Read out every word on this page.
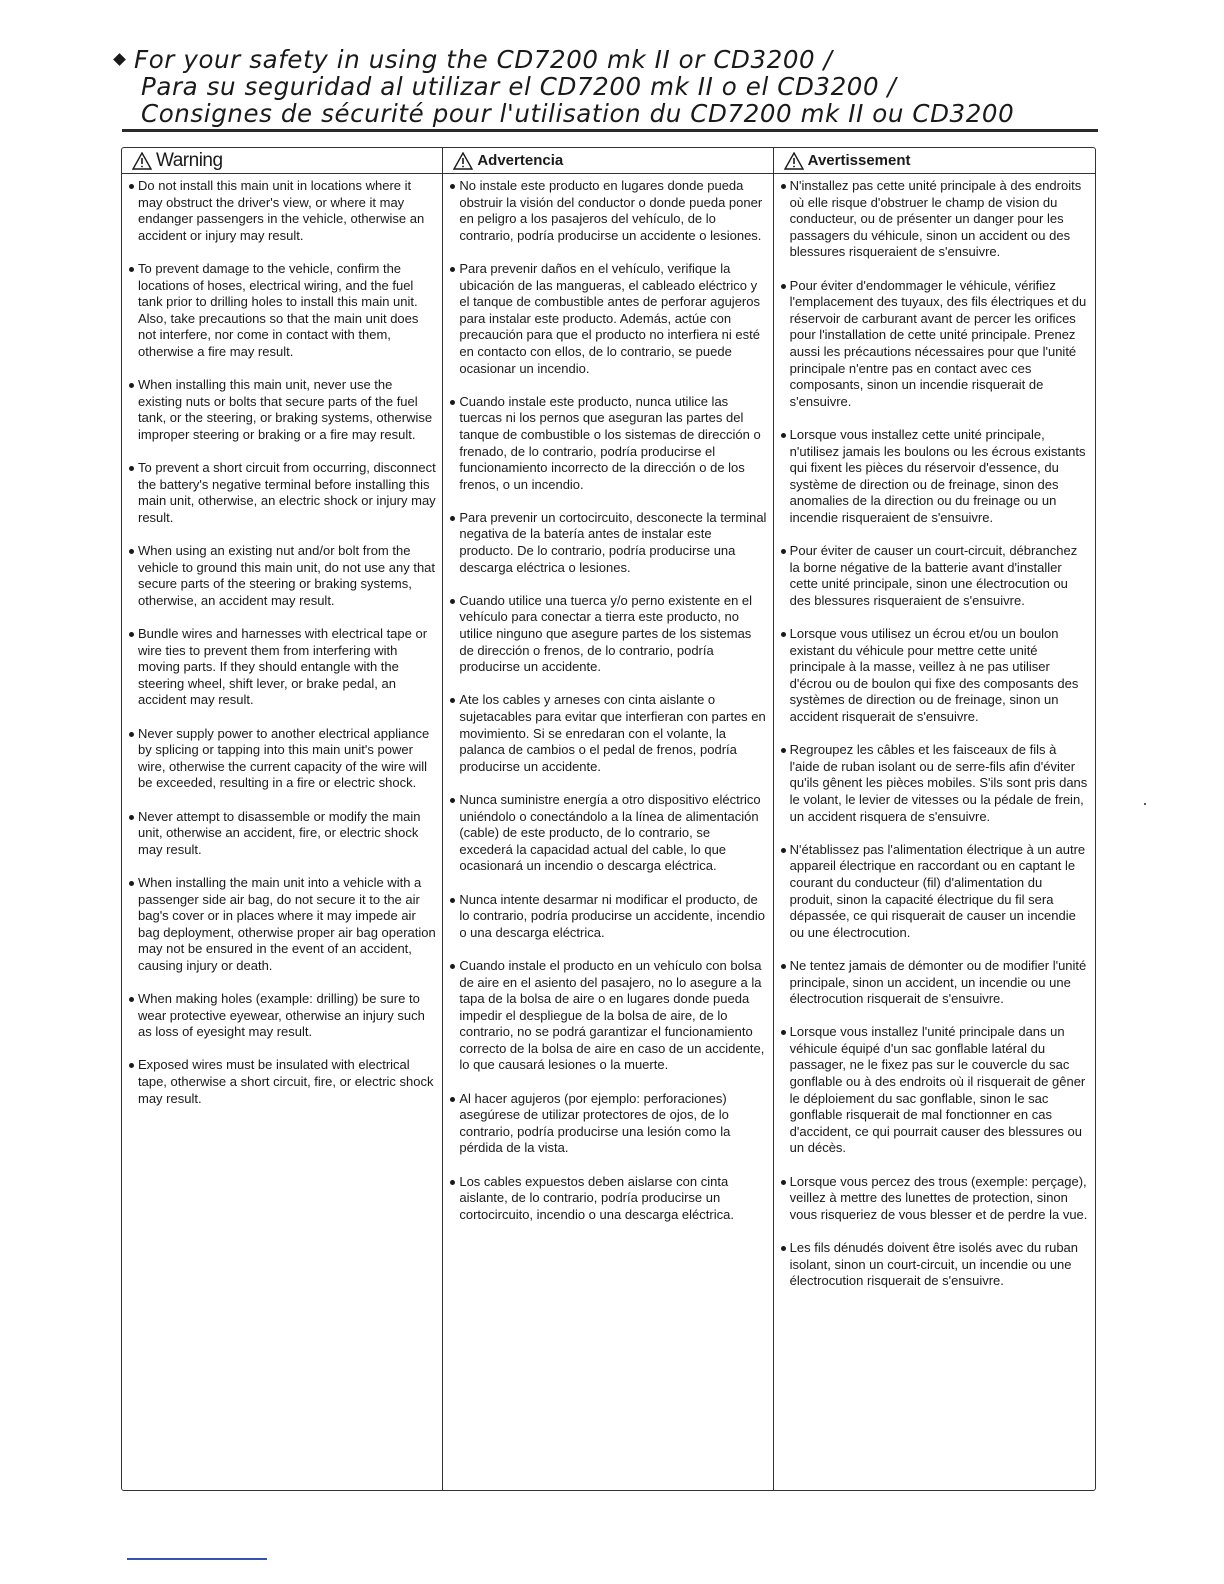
For your safety in using the CD7200 mk II or CD3200 /
Para su seguridad al utilizar el CD7200 mk II o el CD3200 /
Consignes de sécurité pour l'utilisation du CD7200 mk II ou CD3200
Warning
Do not install this main unit in locations where it may obstruct the driver's view, or where it may endanger passengers in the vehicle, otherwise an accident or injury may result.
To prevent damage to the vehicle, confirm the locations of hoses, electrical wiring, and the fuel tank prior to drilling holes to install this main unit. Also, take precautions so that the main unit does not interfere, nor come in contact with them, otherwise a fire may result.
When installing this main unit, never use the existing nuts or bolts that secure parts of the fuel tank, or the steering, or braking systems, otherwise improper steering or braking or a fire may result.
To prevent a short circuit from occurring, disconnect the battery's negative terminal before installing this main unit, otherwise, an electric shock or injury may result.
When using an existing nut and/or bolt from the vehicle to ground this main unit, do not use any that secure parts of the steering or braking systems, otherwise, an accident may result.
Bundle wires and harnesses with electrical tape or wire ties to prevent them from interfering with moving parts. If they should entangle with the steering wheel, shift lever, or brake pedal, an accident may result.
Never supply power to another electrical appliance by splicing or tapping into this main unit's power wire, otherwise the current capacity of the wire will be exceeded, resulting in a fire or electric shock.
Never attempt to disassemble or modify the main unit, otherwise an accident, fire, or electric shock may result.
When installing the main unit into a vehicle with a passenger side air bag, do not secure it to the air bag's cover or in places where it may impede air bag deployment, otherwise proper air bag operation may not be ensured in the event of an accident, causing injury or death.
When making holes (example: drilling) be sure to wear protective eyewear, otherwise an injury such as loss of eyesight may result.
Exposed wires must be insulated with electrical tape, otherwise a short circuit, fire, or electric shock may result.
Advertencia
No instale este producto en lugares donde pueda obstruir la visión del conductor o donde pueda poner en peligro a los pasajeros del vehículo, de lo contrario, podría producirse un accidente o lesiones.
Para prevenir daños en el vehículo, verifique la ubicación de las mangueras, el cableado eléctrico y el tanque de combustible antes de perforar agujeros para instalar este producto. Además, actúe con precaución para que el producto no interfiera ni esté en contacto con ellos, de lo contrario, se puede ocasionar un incendio.
Cuando instale este producto, nunca utilice las tuercas ni los pernos que aseguran las partes del tanque de combustible o los sistemas de dirección o frenado, de lo contrario, podría producirse el funcionamiento incorrecto de la dirección o de los frenos, o un incendio.
Para prevenir un cortocircuito, desconecte la terminal negativa de la batería antes de instalar este producto. De lo contrario, podría producirse una descarga eléctrica o lesiones.
Cuando utilice una tuerca y/o perno existente en el vehículo para conectar a tierra este producto, no utilice ninguno que asegure partes de los sistemas de dirección o frenos, de lo contrario, podría producirse un accidente.
Ate los cables y arneses con cinta aislante o sujetacables para evitar que interfieran con partes en movimiento. Si se enredaran con el volante, la palanca de cambios o el pedal de frenos, podría producirse un accidente.
Nunca suministre energía a otro dispositivo eléctrico uniéndolo o conectándolo a la línea de alimentación (cable) de este producto, de lo contrario, se excederá la capacidad actual del cable, lo que ocasionará un incendio o descarga eléctrica.
Nunca intente desarmar ni modificar el producto, de lo contrario, podría producirse un accidente, incendio o una descarga eléctrica.
Cuando instale el producto en un vehículo con bolsa de aire en el asiento del pasajero, no lo asegure a la tapa de la bolsa de aire o en lugares donde pueda impedir el despliegue de la bolsa de aire, de lo contrario, no se podrá garantizar el funcionamiento correcto de la bolsa de aire en caso de un accidente, lo que causará lesiones o la muerte.
Al hacer agujeros (por ejemplo: perforaciones) asegúrese de utilizar protectores de ojos, de lo contrario, podría producirse una lesión como la pérdida de la vista.
Los cables expuestos deben aislarse con cinta aislante, de lo contrario, podría producirse un cortocircuito, incendio o una descarga eléctrica.
Avertissement
N'installez pas cette unité principale à des endroits où elle risque d'obstruer le champ de vision du conducteur, ou de présenter un danger pour les passagers du véhicule, sinon un accident ou des blessures risqueraient de s'ensuivre.
Pour éviter d'endommager le véhicule, vérifiez l'emplacement des tuyaux, des fils électriques et du réservoir de carburant avant de percer les orifices pour l'installation de cette unité principale. Prenez aussi les précautions nécessaires pour que l'unité principale n'entre pas en contact avec ces composants, sinon un incendie risquerait de s'ensuivre.
Lorsque vous installez cette unité principale, n'utilisez jamais les boulons ou les écrous existants qui fixent les pièces du réservoir d'essence, du système de direction ou de freinage, sinon des anomalies de la direction ou du freinage ou un incendie risqueraient de s'ensuivre.
Pour éviter de causer un court-circuit, débranchez la borne négative de la batterie avant d'installer cette unité principale, sinon une électrocution ou des blessures risqueraient de s'ensuivre.
Lorsque vous utilisez un écrou et/ou un boulon existant du véhicule pour mettre cette unité principale à la masse, veillez à ne pas utiliser d'écrou ou de boulon qui fixe des composants des systèmes de direction ou de freinage, sinon un accident risquerait de s'ensuivre.
Regroupez les câbles et les faisceaux de fils à l'aide de ruban isolant ou de serre-fils afin d'éviter qu'ils gênent les pièces mobiles. S'ils sont pris dans le volant, le levier de vitesses ou la pédale de frein, un accident risquera de s'ensuivre.
N'établissez pas l'alimentation électrique à un autre appareil électrique en raccordant ou en captant le courant du conducteur (fil) d'alimentation du produit, sinon la capacité électrique du fil sera dépassée, ce qui risquerait de causer un incendie ou une électrocution.
Ne tentez jamais de démonter ou de modifier l'unité principale, sinon un accident, un incendie ou une électrocution risquerait de s'ensuivre.
Lorsque vous installez l'unité principale dans un véhicule équipé d'un sac gonflable latéral du passager, ne le fixez pas sur le couvercle du sac gonflable ou à des endroits où il risquerait de gêner le déploiement du sac gonflable, sinon le sac gonflable risquerait de mal fonctionner en cas d'accident, ce qui pourrait causer des blessures ou un décès.
Lorsque vous percez des trous (exemple: perçage), veillez à mettre des lunettes de protection, sinon vous risqueriez de vous blesser et de perdre la vue.
Les fils dénudés doivent être isolés avec du ruban isolant, sinon un court-circuit, un incendie ou une électrocution risquerait de s'ensuivre.
